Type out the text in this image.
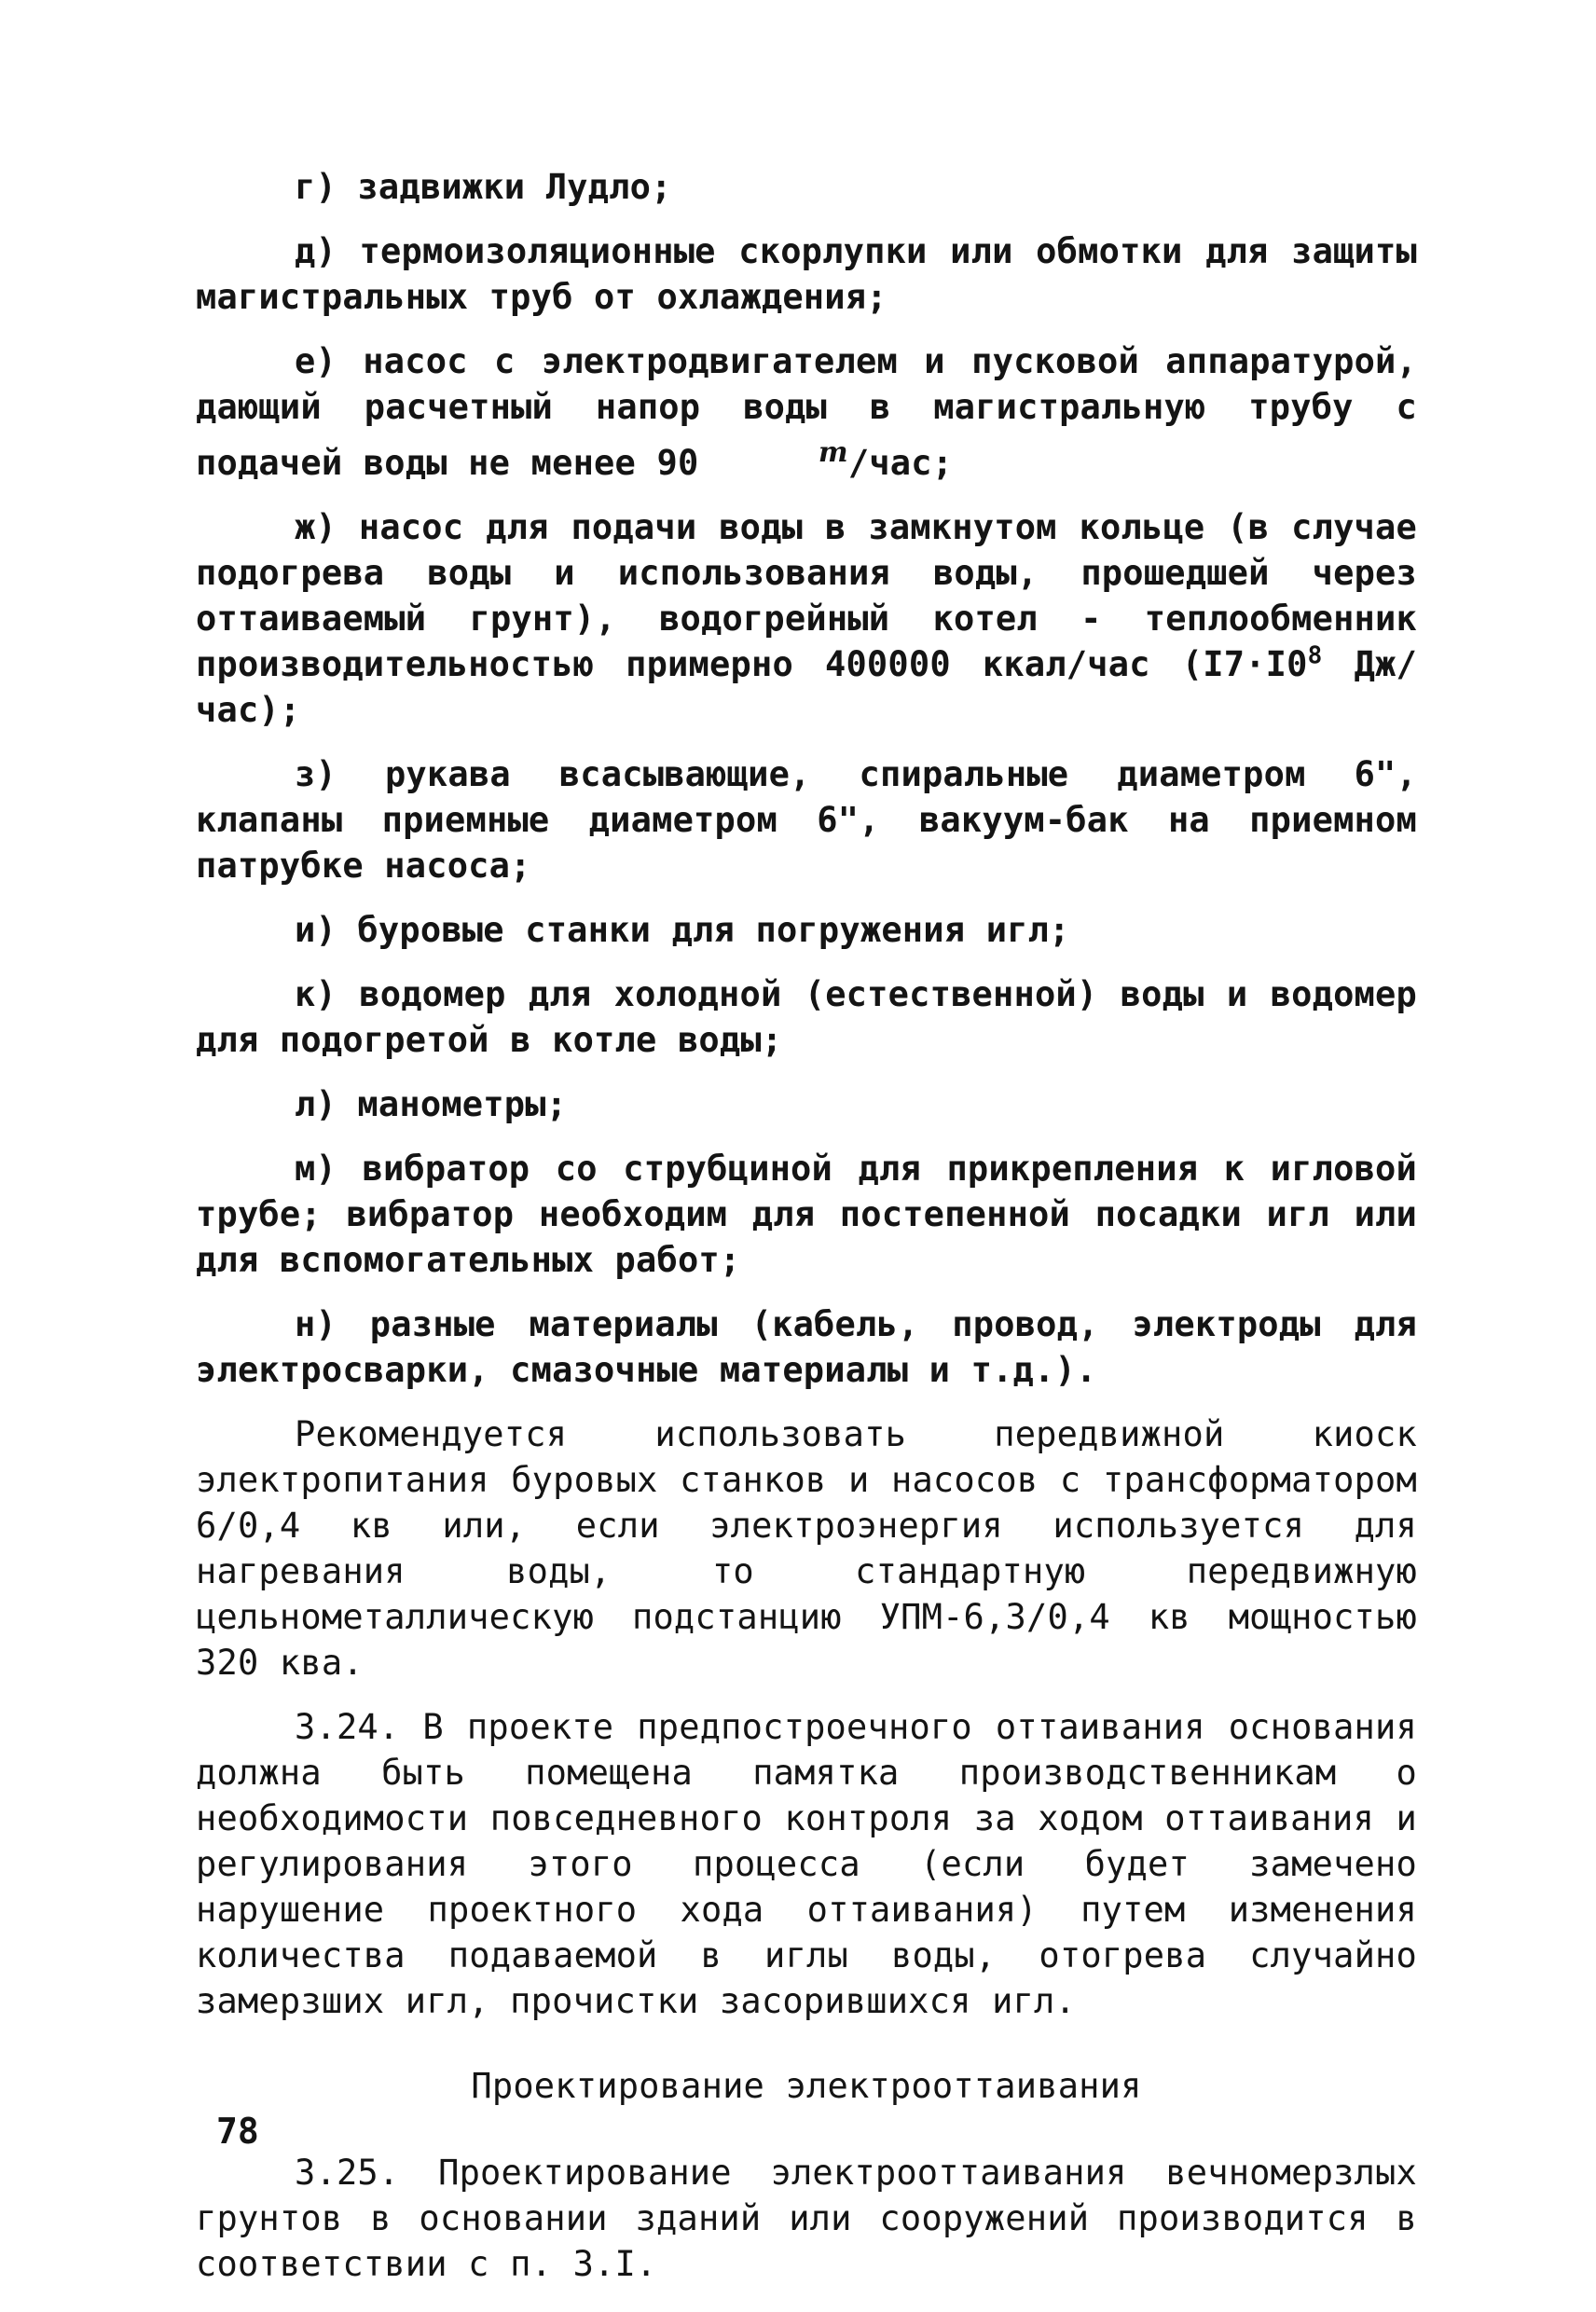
г) задвижки Лудло;

д) термоизоляционные скорлупки или обмотки для защиты магистральных труб от охлаждения;

е) насос с электродвигателем и пусковой аппаратурой, дающий расчетный напор воды в магистральную трубу с подачей воды не менее 90	m/час;

ж) насос для подачи воды в замкнутом кольце (в случае подогрева воды и использования воды, прошедшей через оттаиваемый грунт), водогрейный котел - теплообменник производительностью примерно 400000 ккал/час ($I7\cdot I0^8$ Дж/час);

з) рукава всасывающие, спиральные диаметром 6", клапаны приемные диаметром 6", вакуум-бак на приемном патрубке насоса;

и) буровые станки для погружения игл;

к) водомер для холодной (естественной) воды и водомер для подогретой в котле воды;

л) манометры;

м) вибратор со струбциной для прикрепления к игловой трубе; вибратор необходим для постепенной посадки игл или для вспомогательных работ;

н) разные материалы (кабель, провод, электроды для электросварки, смазочные материалы и т.д.).

Рекомендуется использовать передвижной киоск электропитания буровых станков и насосов с трансформатором 6/0,4 кв или, если электроэнергия используется для нагревания воды, то стандартную передвижную цельнометаллическую подстанцию УПМ-6,3/0,4 кв мощностью 320 ква.

3.24. В проекте предпостроечного оттаивания основания должна быть помещена памятка производственникам о необходимости повседневного контроля за ходом оттаивания и регулирования этого процесса (если будет замечено нарушение проектного хода оттаивания) путем изменения количества подаваемой в иглы воды, отогрева случайно замерзших игл, прочистки засорившихся игл.

Проектирование электрооттаивания

3.25. Проектирование электрооттаивания вечномерзлых грунтов в основании зданий или сооружений производится в соответствии с п. 3.I.

78
